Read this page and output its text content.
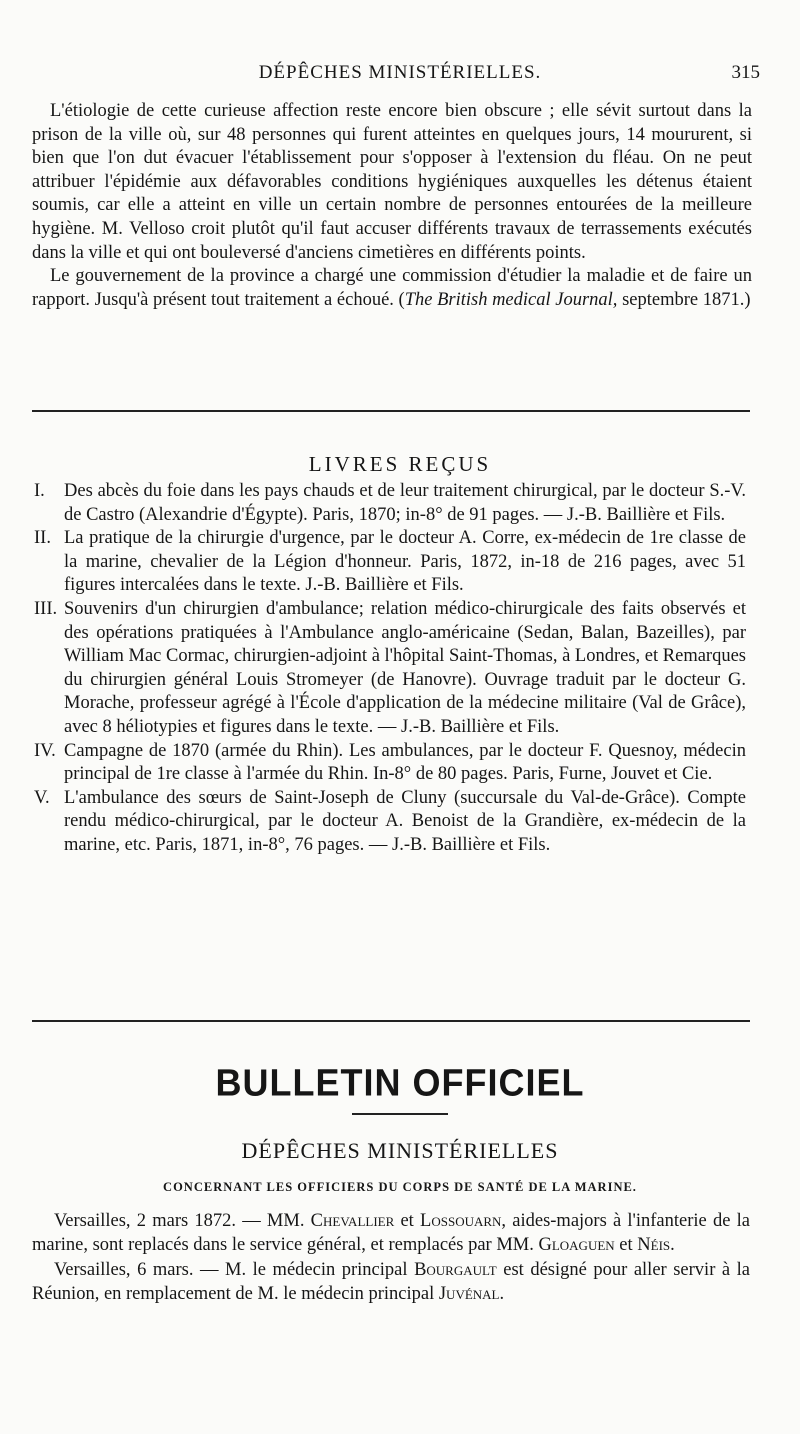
DÉPÊCHES MINISTÉRIELLES.	315

L'étiologie de cette curieuse affection reste encore bien obscure ; elle sévit surtout dans la prison de la ville où, sur 48 personnes qui furent atteintes en quelques jours, 14 moururent, si bien que l'on dut évacuer l'établissement pour s'opposer à l'extension du fléau. On ne peut attribuer l'épidémie aux défavorables conditions hygiéniques auxquelles les détenus étaient soumis, car elle a atteint en ville un certain nombre de personnes entourées de la meilleure hygiène. M. Velloso croit plutôt qu'il faut accuser différents travaux de terrassements exécutés dans la ville et qui ont bouleversé d'anciens cimetières en différents points.

Le gouvernement de la province a chargé une commission d'étudier la maladie et de faire un rapport. Jusqu'à présent tout traitement a échoué. (The British medical Journal, septembre 1871.)

LIVRES REÇUS

I. Des abcès du foie dans les pays chauds et de leur traitement chirurgical, par le docteur S.-V. de Castro (Alexandrie d'Égypte). Paris, 1870; in-8° de 91 pages. — J.-B. Baillière et Fils.

II. La pratique de la chirurgie d'urgence, par le docteur A. Corre, ex-médecin de 1re classe de la marine, chevalier de la Légion d'honneur. Paris, 1872, in-18 de 216 pages, avec 51 figures intercalées dans le texte. J.-B. Baillière et Fils.

III. Souvenirs d'un chirurgien d'ambulance; relation médico-chirurgicale des faits observés et des opérations pratiquées à l'Ambulance anglo-américaine (Sedan, Balan, Bazeilles), par William Mac Cormac, chirurgien-adjoint à l'hôpital Saint-Thomas, à Londres, et Remarques du chirurgien général Louis Stromeyer (de Hanovre). Ouvrage traduit par le docteur G. Morache, professeur agrégé à l'École d'application de la médecine militaire (Val de Grâce), avec 8 héliotypies et figures dans le texte. — J.-B. Baillière et Fils.

IV. Campagne de 1870 (armée du Rhin). Les ambulances, par le docteur F. Quesnoy, médecin principal de 1re classe à l'armée du Rhin. In-8° de 80 pages. Paris, Furne, Jouvet et Cie.

V. L'ambulance des sœurs de Saint-Joseph de Cluny (succursale du Val-de-Grâce). Compte rendu médico-chirurgical, par le docteur A. Benoist de la Grandière, ex-médecin de la marine, etc. Paris, 1871, in-8°, 76 pages. — J.-B. Baillière et Fils.

BULLETIN OFFICIEL
DÉPÊCHES MINISTÉRIELLES
CONCERNANT LES OFFICIERS DU CORPS DE SANTÉ DE LA MARINE.

Versailles, 2 mars 1872. — MM. Chevallier et Lossouarn, aides-majors à l'infanterie de la marine, sont replacés dans le service général, et remplacés par MM. Gloaguen et Néis.

Versailles, 6 mars. — M. le médecin principal Bourgault est désigné pour aller servir à la Réunion, en remplacement de M. le médecin principal Juvénal.
